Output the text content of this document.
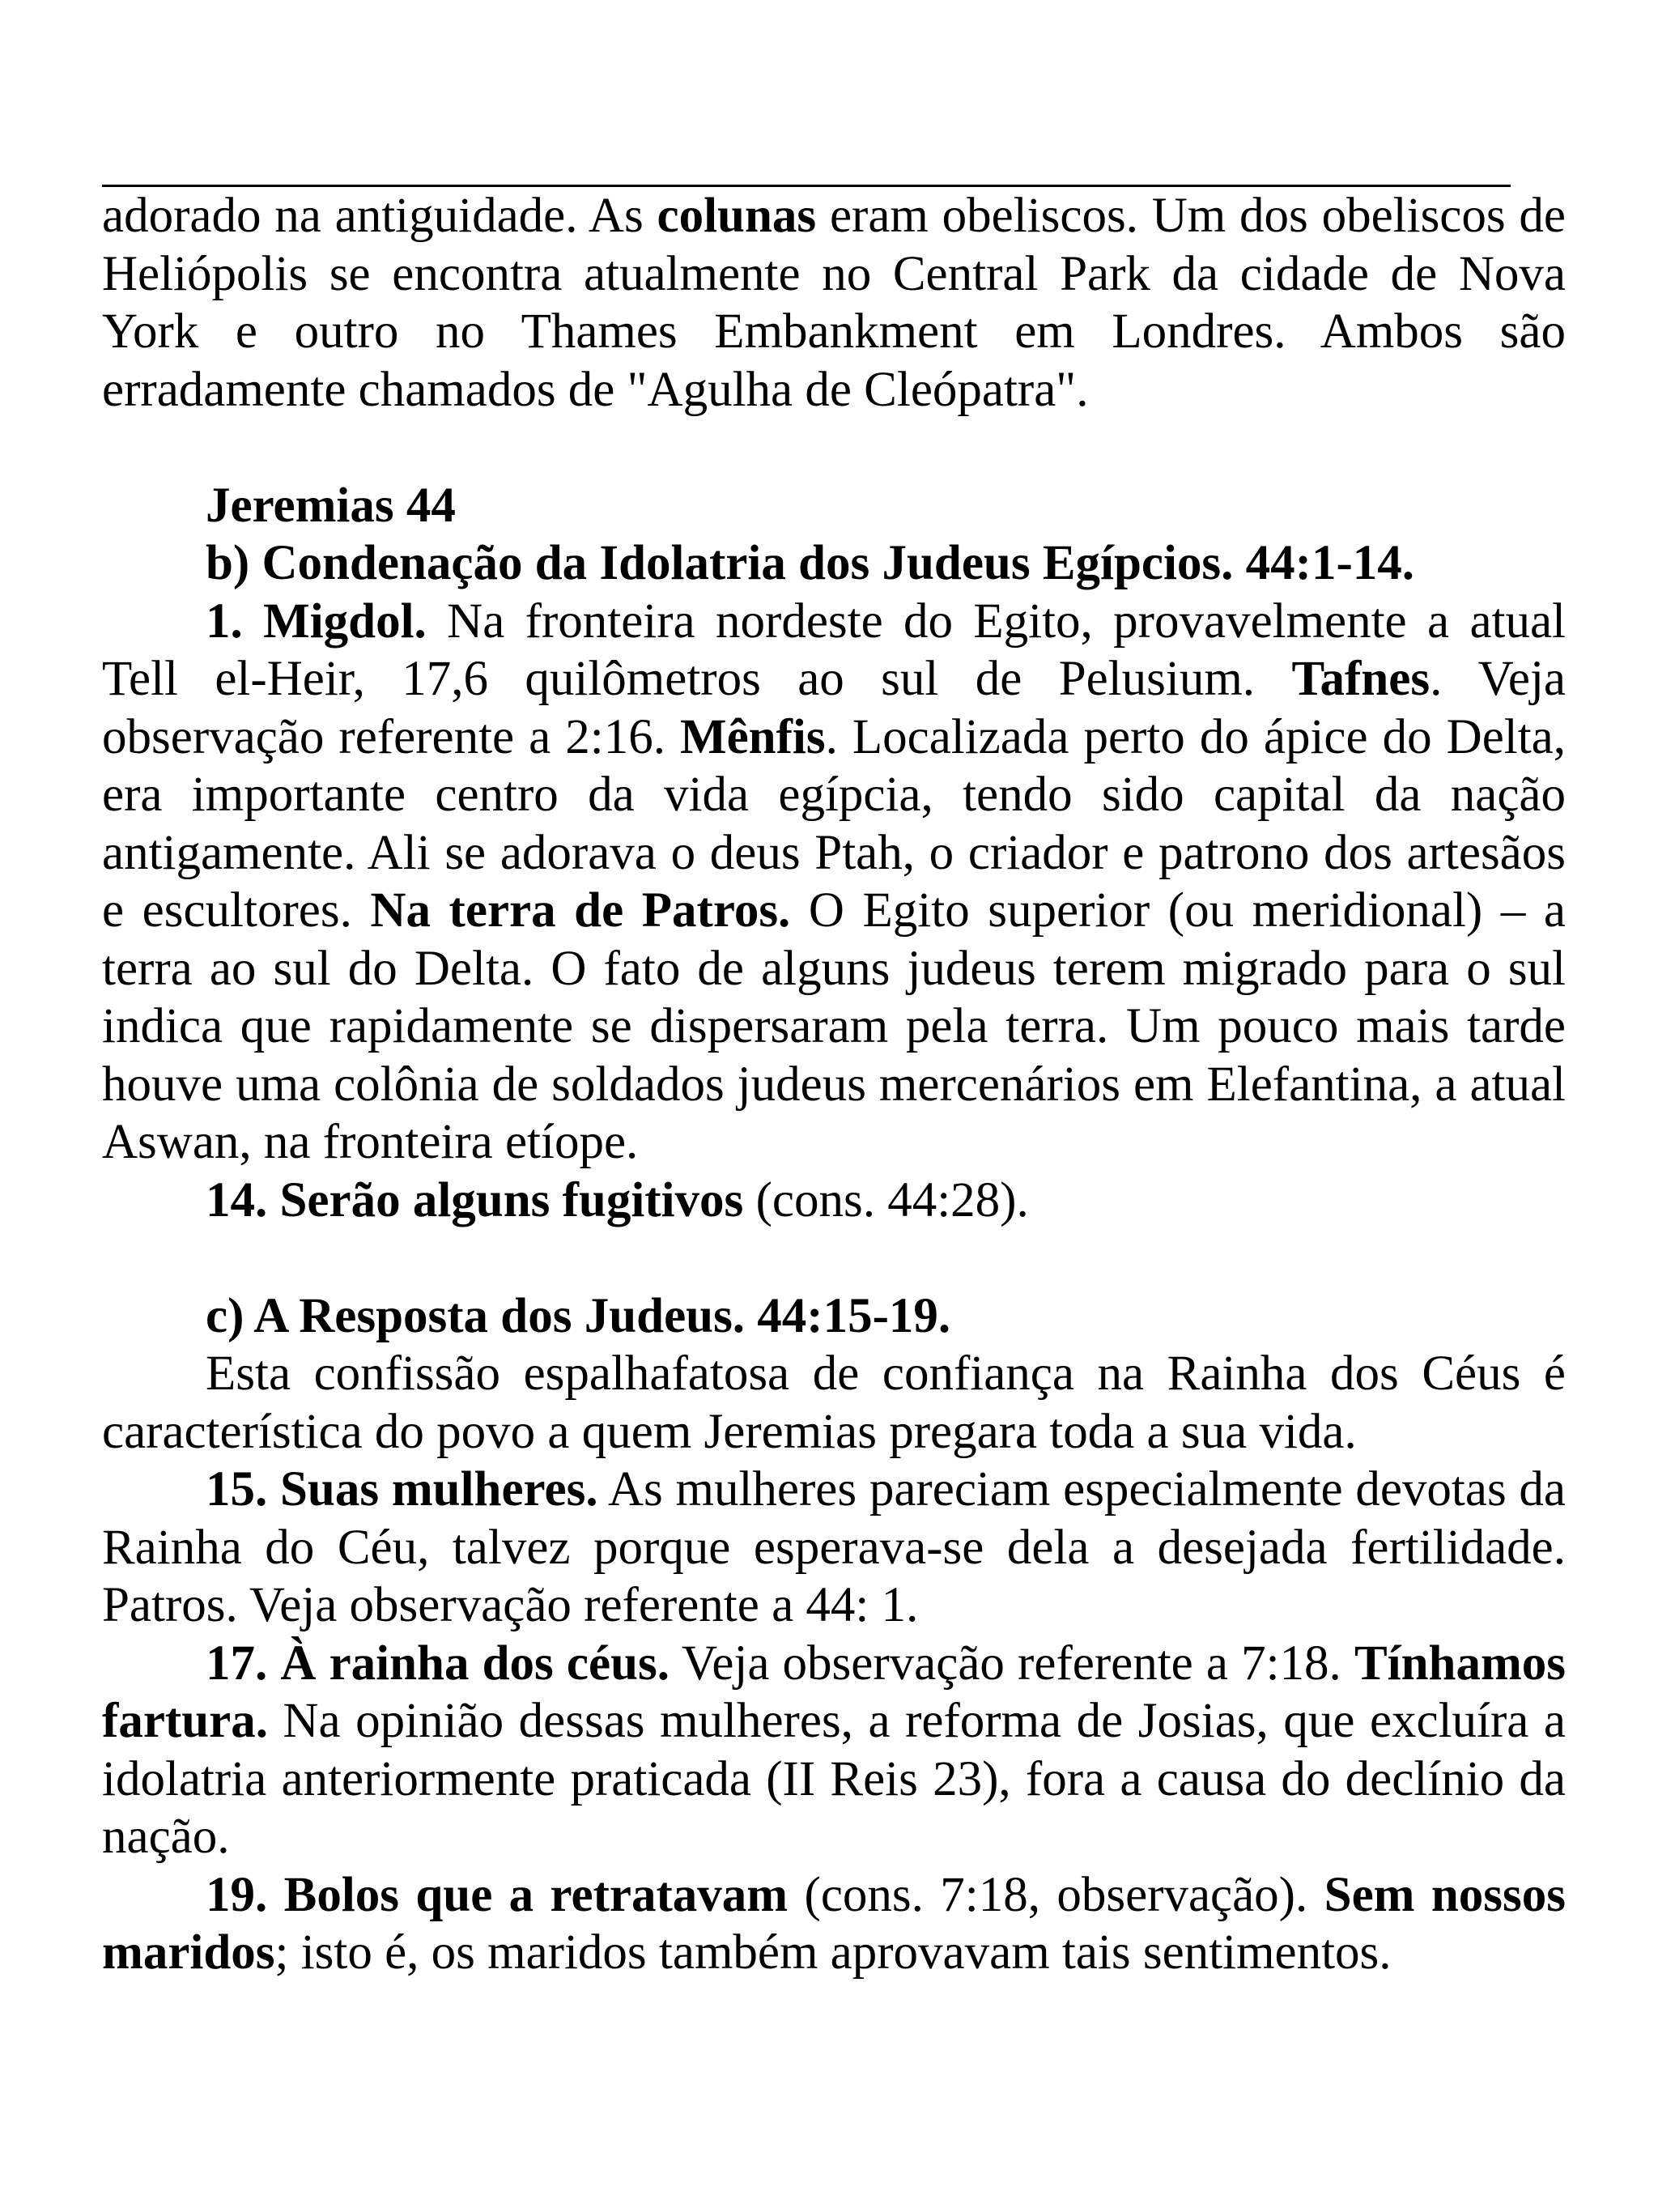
adorado na antiguidade. As colunas eram obeliscos. Um dos obeliscos de Heliópolis se encontra atualmente no Central Park da cidade de Nova York e outro no Thames Embankment em Londres. Ambos são erradamente chamados de "Agulha de Cleópatra".

Jeremias 44

b) Condenação da Idolatria dos Judeus Egípcios. 44:1-14.

1. Migdol. Na fronteira nordeste do Egito, provavelmente a atual Tell el-Heir, 17,6 quilômetros ao sul de Pelusium. Tafnes. Veja observação referente a 2:16. Mênfis. Localizada perto do ápice do Delta, era importante centro da vida egípcia, tendo sido capital da nação antigamente. Ali se adorava o deus Ptah, o criador e patrono dos artesãos e escultores. Na terra de Patros. O Egito superior (ou meridional) – a terra ao sul do Delta. O fato de alguns judeus terem migrado para o sul indica que rapidamente se dispersaram pela terra. Um pouco mais tarde houve uma colônia de soldados judeus mercenários em Elefantina, a atual Aswan, na fronteira etíope.

14. Serão alguns fugitivos (cons. 44:28).

c) A Resposta dos Judeus. 44:15-19.

Esta confissão espalhafatosa de confiança na Rainha dos Céus é característica do povo a quem Jeremias pregara toda a sua vida.

15. Suas mulheres. As mulheres pareciam especialmente devotas da Rainha do Céu, talvez porque esperava-se dela a desejada fertilidade. Patros. Veja observação referente a 44: 1.

17. À rainha dos céus. Veja observação referente a 7:18. Tínhamos fartura. Na opinião dessas mulheres, a reforma de Josias, que excluíra a idolatria anteriormente praticada (II Reis 23), fora a causa do declínio da nação.

19. Bolos que a retratavam (cons. 7:18, observação). Sem nossos maridos; isto é, os maridos também aprovavam tais sentimentos.
